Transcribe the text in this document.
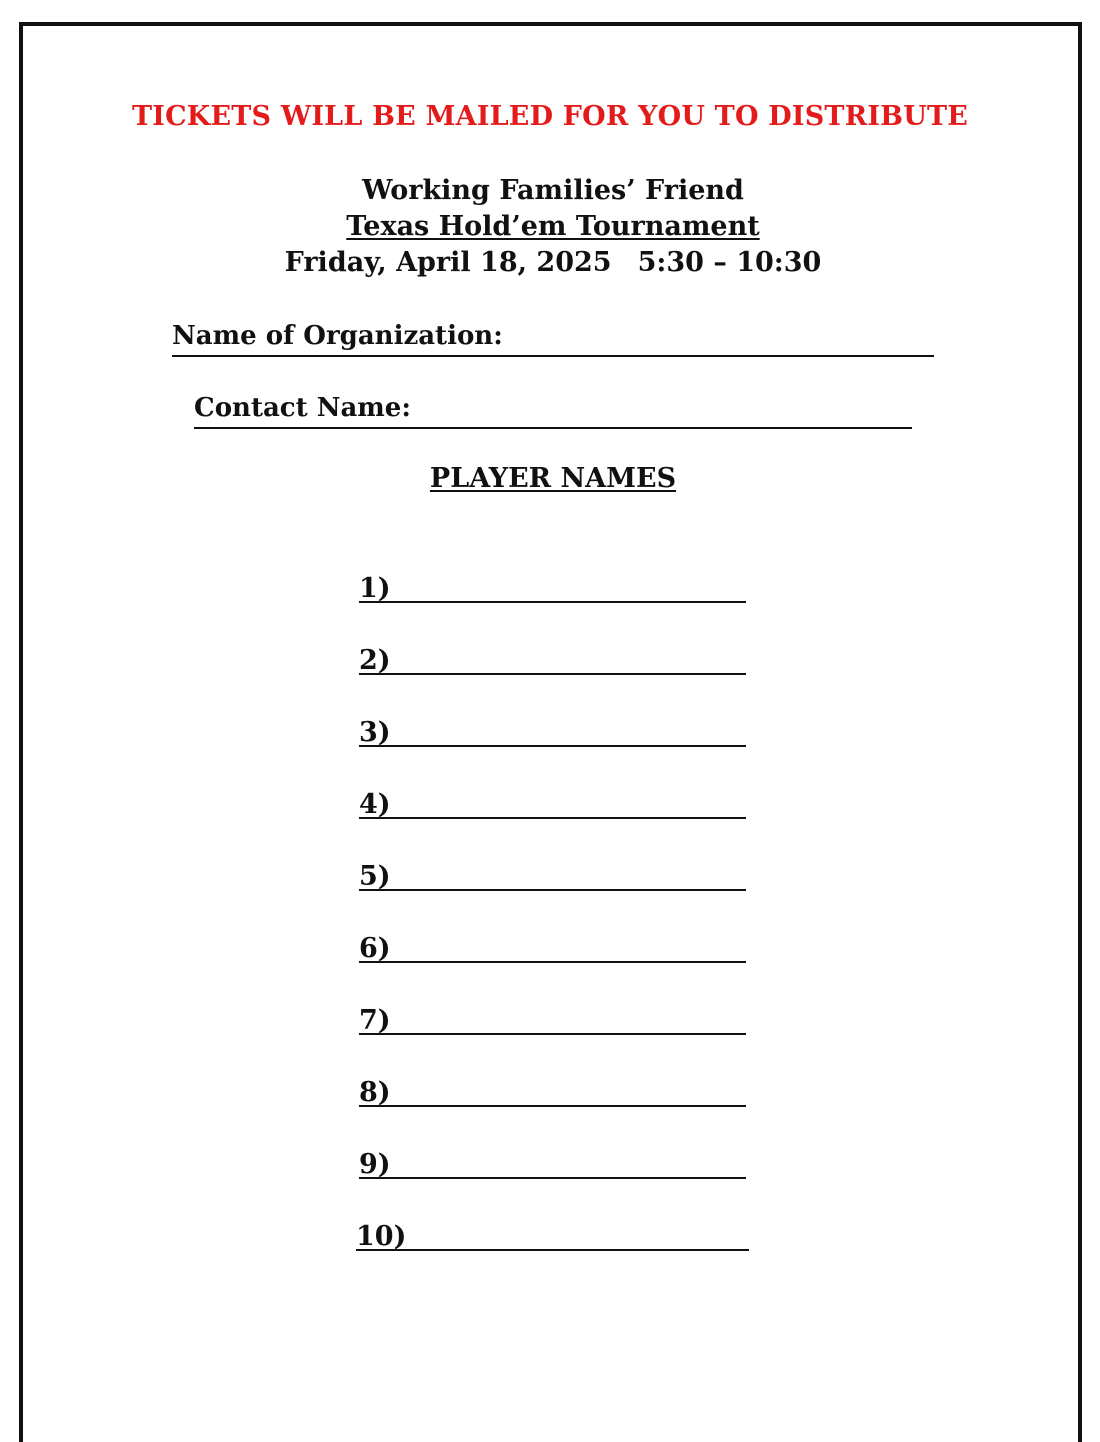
TICKETS WILL BE MAILED FOR YOU TO DISTRIBUTE
Working Families’ Friend
Texas Hold’em Tournament
Friday, April 18, 2025 5:30 – 10:30
Name of Organization:
Contact Name:
PLAYER NAMES
1)
2)
3)
4)
5)
6)
7)
8)
9)
10)
